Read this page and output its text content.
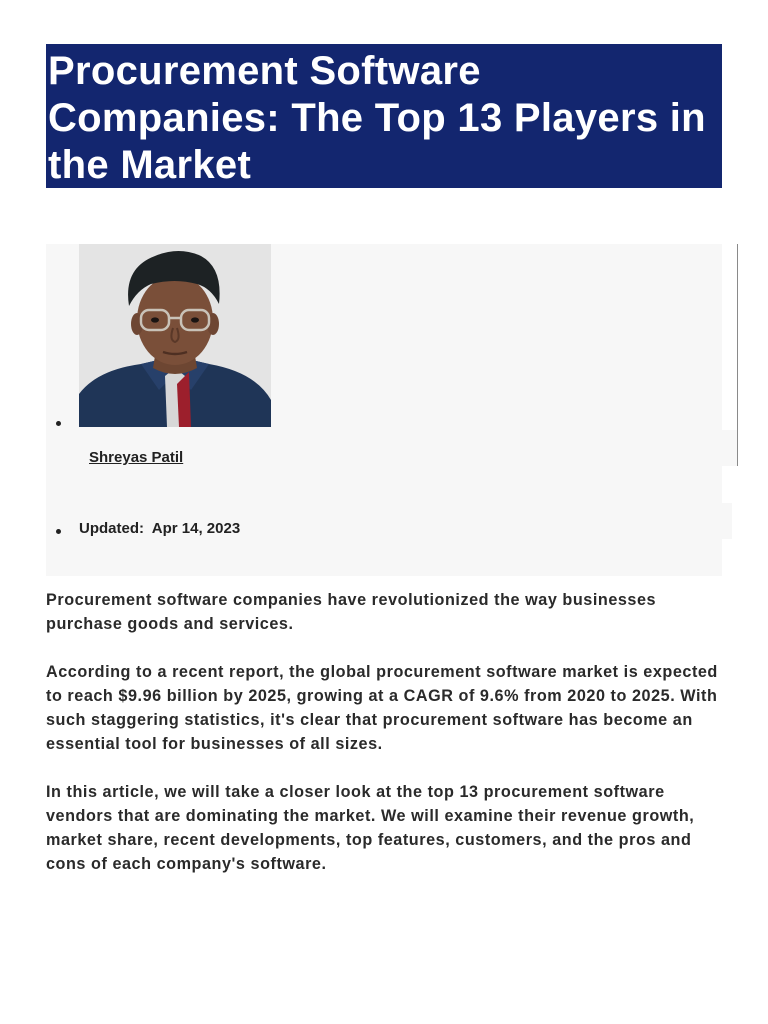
Procurement Software Companies: The Top 13 Players in the Market
Shreyas Patil
Updated: Apr 14, 2023

Procurement software companies have revolutionized the way businesses purchase goods and services.

According to a recent report, the global procurement software market is expected to reach $9.96 billion by 2025, growing at a CAGR of 9.6% from 2020 to 2025. With such staggering statistics, it's clear that procurement software has become an essential tool for businesses of all sizes.

In this article, we will take a closer look at the top 13 procurement software vendors that are dominating the market. We will examine their revenue growth, market share, recent developments, top features, customers, and the pros and cons of each company's software.
